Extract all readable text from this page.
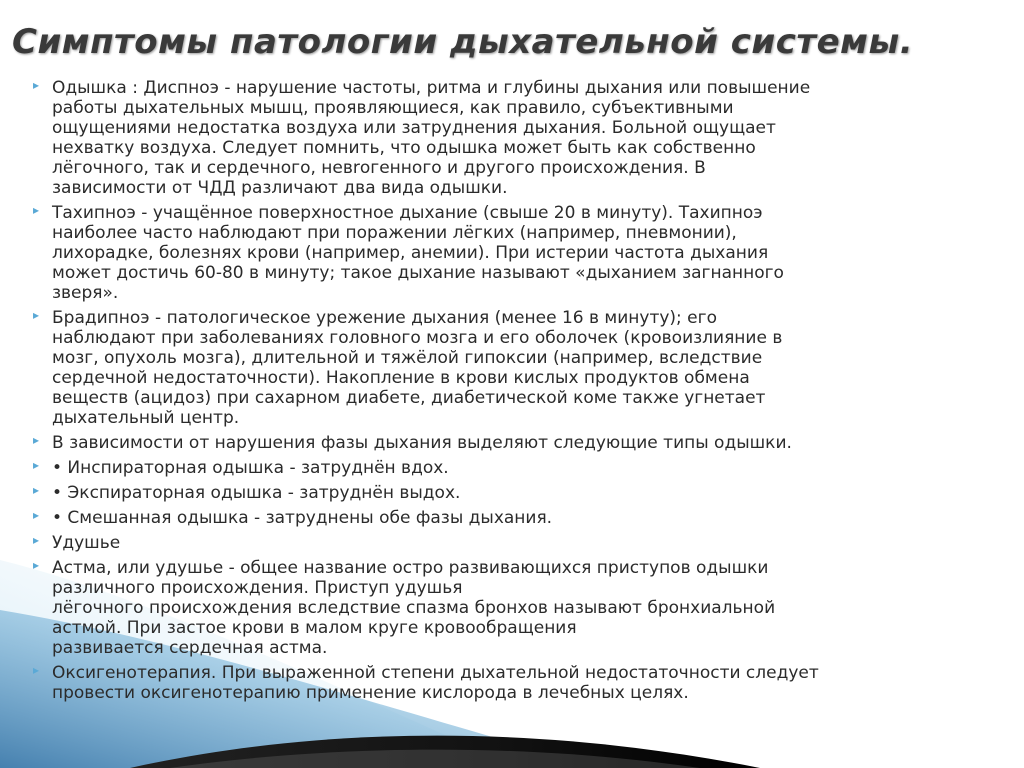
Симптомы патологии дыхательной системы.
▸ Одышка : Диспноэ - нарушение частоты, ритма и глубины дыхания или повышение
работы дыхательных мышц, проявляющиеся, как правило, субъективными
ощущениями недостатка воздуха или затруднения дыхания. Больной ощущает
нехватку воздуха. Следует помнить, что одышка может быть как собственно
лёгочного, так и сердечного, невrогенного и другого происхождения. В
зависимости от ЧДД различают два вида одышки.
▸ Тахипноэ - учащённое поверхностное дыхание (свыше 20 в минуту). Тахипноэ
наиболее часто наблюдают при поражении лёгких (например, пневмонии),
лихорадке, болезнях крови (например, анемии). При истерии частота дыхания
может достичь 60-80 в минуту; такое дыхание называют «дыханием загнанного
зверя».
▸ Брадипноэ - патологическое урежение дыхания (менее 16 в минуту); его
наблюдают при заболеваниях головного мозга и его оболочек (кровоизлияние в
мозг, опухоль мозга), длительной и тяжёлой гипоксии (например, вследствие
сердечной недостаточности). Накопление в крови кислых продуктов обмена
веществ (ацидоз) при сахарном диабете, диабетической коме также угнетает
дыхательный центр.
▸ В зависимости от нарушения фазы дыхания выделяют следующие типы одышки.
▸ • Инспираторная одышка - затруднён вдох.
▸ • Экспираторная одышка - затруднён выдох.
▸ • Смешанная одышка - затруднены обе фазы дыхания.
▸ Удушье
▸ Астма, или удушье - общее название остро развивающихся приступов одышки
различного происхождения. Приступ удушья
лёгочного происхождения вследствие спазма бронхов называют бронхиальной
астмой. При застое крови в малом круге кровообращения
развивается сердечная астма.
▸ Оксигенотерапия. При выраженной степени дыхательной недостаточности следует
провести оксигенотерапию применение кислорода в лечебных целях.
